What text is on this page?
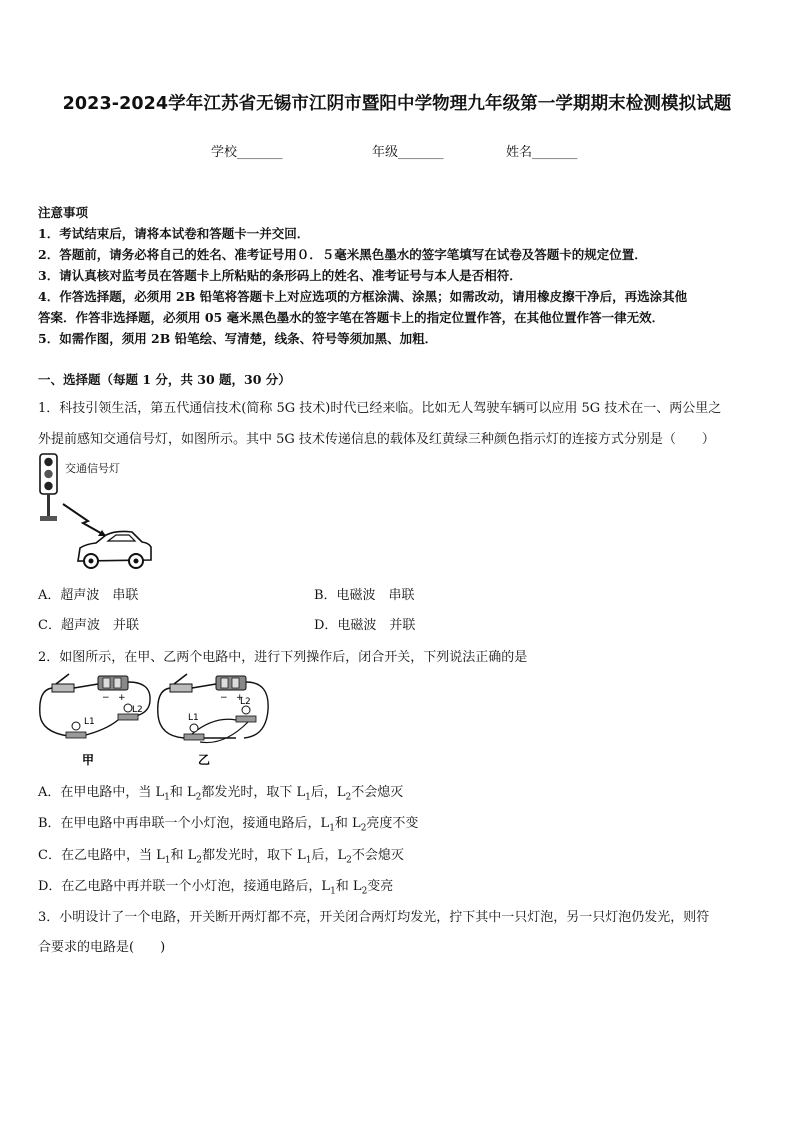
2023-2024学年江苏省无锡市江阴市暨阳中学物理九年级第一学期期末检测模拟试题
学校_______	年级_______	姓名_______
注意事项
1．考试结束后，请将本试卷和答题卡一并交回．
2．答题前，请务必将自己的姓名、准考证号用０．５毫米黑色墨水的签字笔填写在试卷及答题卡的规定位置．
3．请认真核对监考员在答题卡上所粘贴的条形码上的姓名、准考证号与本人是否相符．
4．作答选择题，必须用 2B 铅笔将答题卡上对应选项的方框涂满、涂黑；如需改动，请用橡皮擦干净后，再选涂其他
答案．作答非选择题，必须用 05 毫米黑色墨水的签字笔在答题卡上的指定位置作答，在其他位置作答一律无效．
5．如需作图，须用 2B 铅笔绘、写清楚，线条、符号等须加黑、加粗．
一、选择题（每题 1 分，共 30 题，30 分）
1．科技引领生活，第五代通信技术(简称 5G 技术)时代已经来临。比如无人驾驶车辆可以应用 5G 技术在一、两公里之
外提前感知交通信号灯，如图所示。其中 5G 技术传递信息的载体及红黄绿三种颜色指示灯的连接方式分别是（　　）
交通信号灯
A．超声波　串联	B．电磁波　串联
C．超声波　并联	D．电磁波　并联
2．如图所示，在甲、乙两个电路中，进行下列操作后，闭合开关，下列说法正确的是
− +
L1
L2
甲
− +
L1
L2
乙
A．在甲电路中，当 $L_1$和 $L_2$都发光时，取下 $L_1$后，$L_2$不会熄灭
B．在甲电路中再串联一个小灯泡，接通电路后，$L_1$和 $L_2$亮度不变
C．在乙电路中，当 $L_1$和 $L_2$都发光时，取下 $L_1$后，$L_2$不会熄灭
D．在乙电路中再并联一个小灯泡，接通电路后，$L_1$和 $L_2$变亮
3．小明设计了一个电路，开关断开两灯都不亮，开关闭合两灯均发光，拧下其中一只灯泡，另一只灯泡仍发光，则符
合要求的电路是(　　)
